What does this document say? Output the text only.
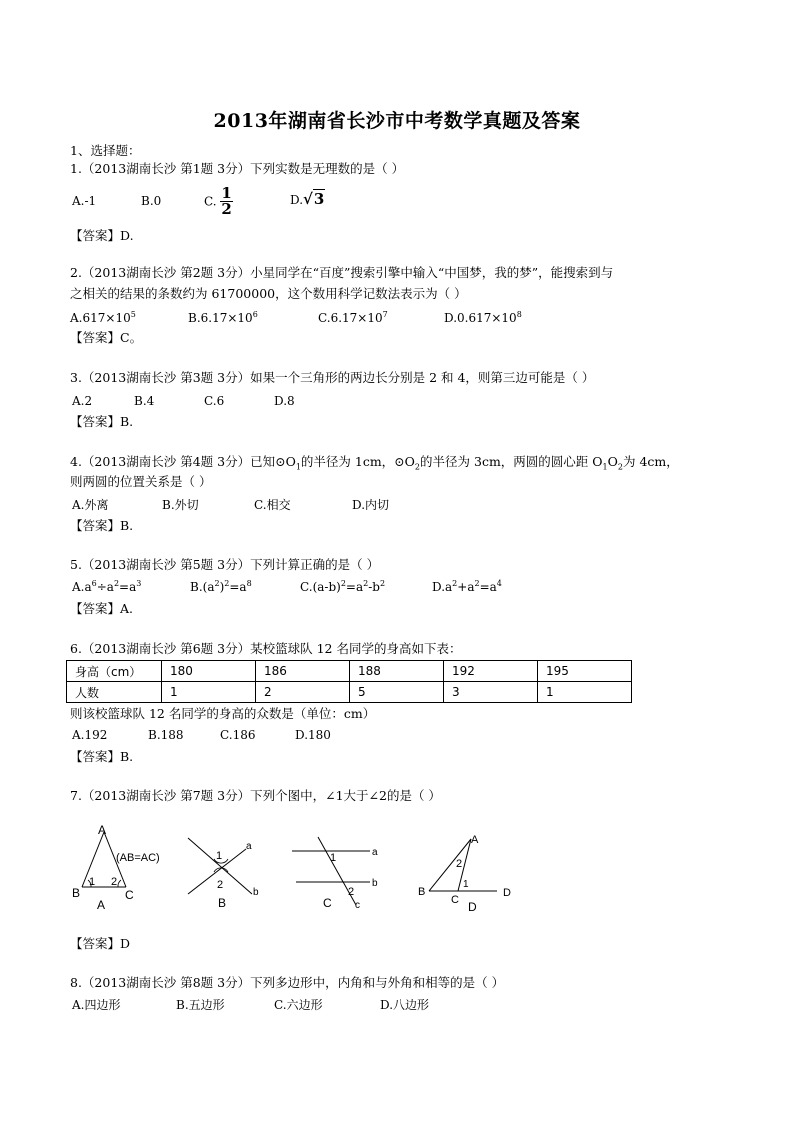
2013年湖南省长沙市中考数学真题及答案
1、选择题：
1.（2013湖南长沙 第1题 3分）下列实数是无理数的是（ ）
A.-1	B.0	C. $\frac{1}{2}$	D.√3
【答案】D.
2.（2013湖南长沙 第2题 3分）小星同学在“百度”搜索引擎中输入“中国梦，我的梦”，能搜索到与
之相关的结果的条数约为 61700000，这个数用科学记数法表示为（ ）
$A.617\times 10^5$	$B.6.17\times 10^6$	$C.6.17\times 10^7$	$D.0.617\times 10^8$
【答案】C。
3.（2013湖南长沙 第3题 3分）如果一个三角形的两边长分别是 2 和 4，则第三边可能是（ ）
A.2	B.4	C.6	D.8
【答案】B.
4.（2013湖南长沙 第4题 3分）已知$⊙O_1$的半径为 1cm，$⊙O_2$的半径为 3cm，两圆的圆心距 $O_1O_2$为 4cm，
则两圆的位置关系是（ ）
A.外离	B.外切	C.相交	D.内切
【答案】B.
5.（2013湖南长沙 第5题 3分）下列计算正确的是（ ）
$A.a^6\div a^2=a^3$	$B.(a^2)^2=a^8$	$C.(a-b)^2=a^2-b^2$	$D.a^2+a^2=a^4$
【答案】A.
6.（2013湖南长沙 第6题 3分）某校篮球队 12 名同学的身高如下表：
身高（cm）	180	186	188	192	195
人数	1	2	5	3	1
则该校篮球队 12 名同学的身高的众数是（单位：cm）
A.192	B.188	C.186	D.180
【答案】B.
7.（2013湖南长沙 第7题 3分）下列个图中，∠1大于∠2的是（ ）
A
B	C
1 2
(AB=AC)
A
1
2
a
b
B
1
2
a
b
c
C
A
B
C
D
2
1
D
【答案】D
8.（2013湖南长沙 第8题 3分）下列多边形中，内角和与外角和相等的是（ ）
A.四边形	B.五边形	C.六边形	D.八边形
